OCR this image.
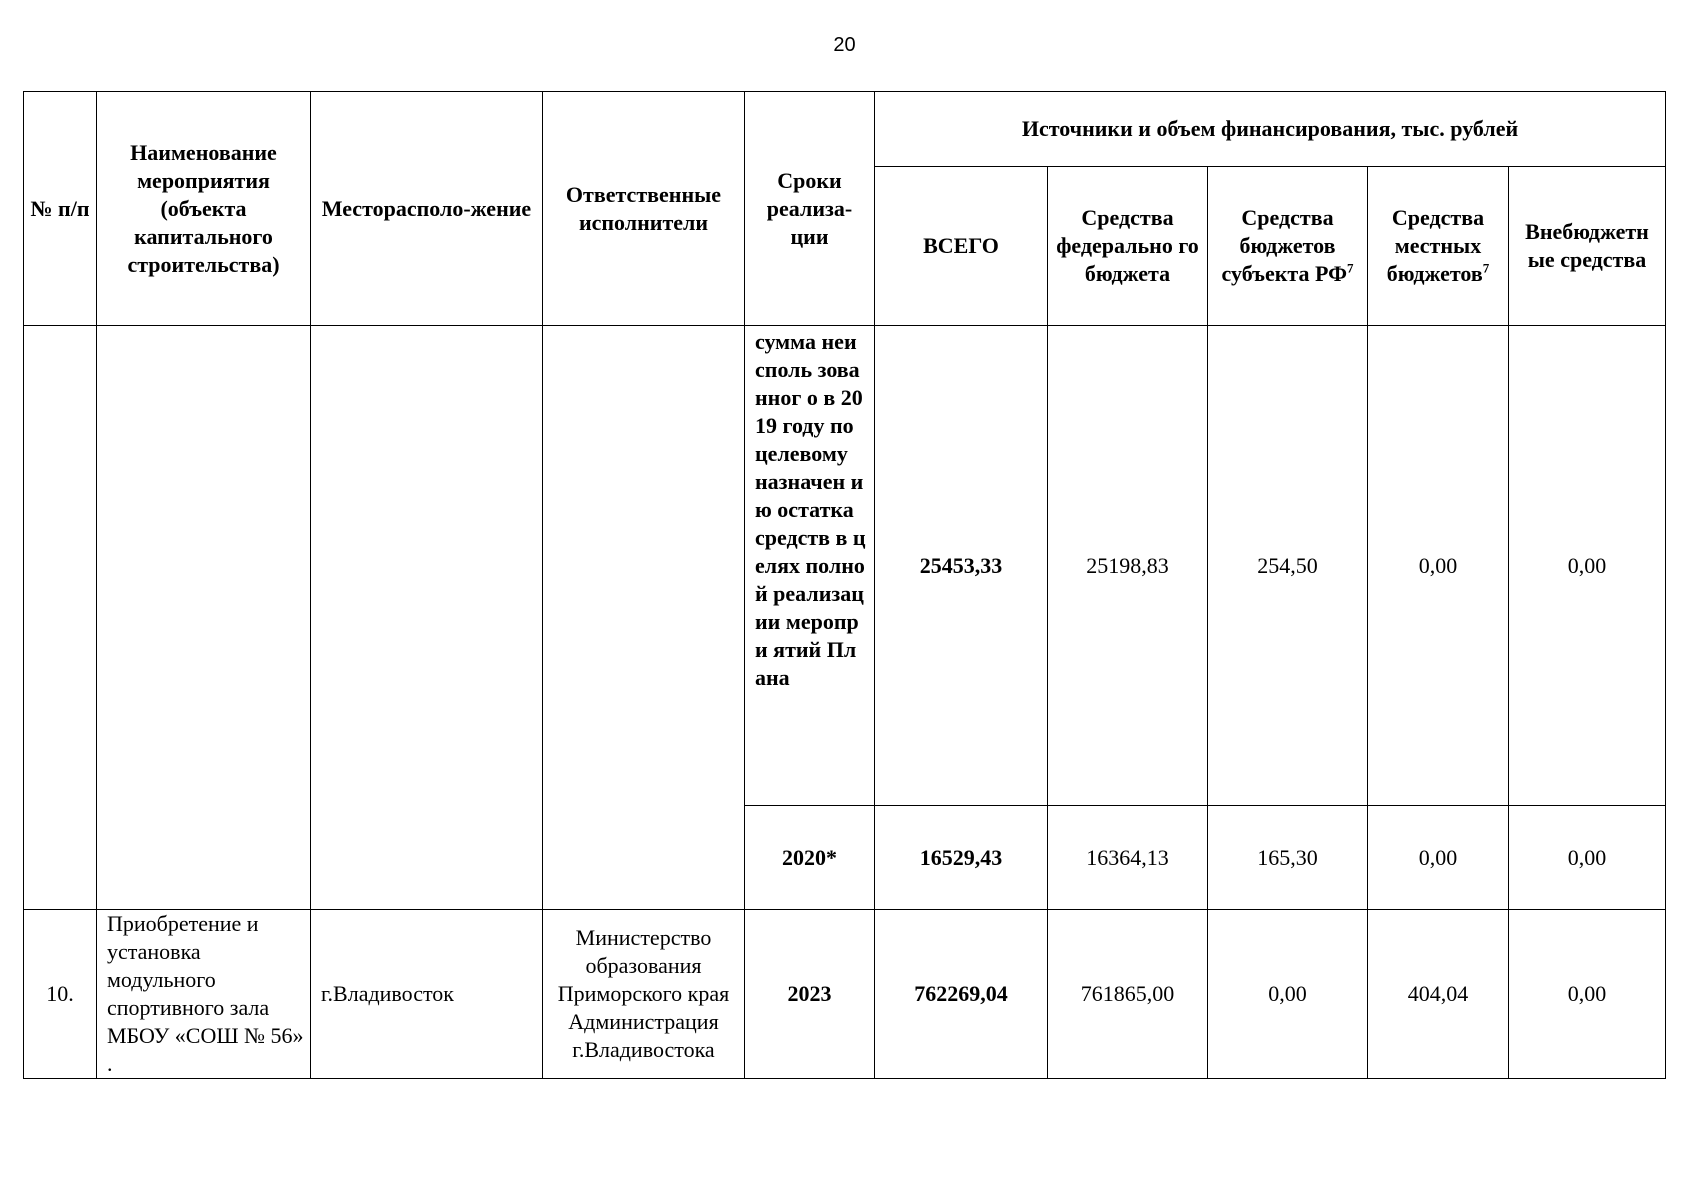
20
№ п/п	Наименование мероприятия (объекта капитального строительства)	Месторасполо-жение	Ответственные исполнители	Сроки реализа-ции	Источники и объем финансирования, тыс. рублей				
					ВСЕГО	Средства федерально го бюджета	Средства бюджетов субъекта $РФ^7$	Средства местных бюджетов$^7$	Внебюджетн ые средства
				сумма неисполь зованног о в 2019 году по целевому назначен ию остатка средств в целях полной реализац ии меропри ятий Плана	25453,33	25198,83	254,50	0,00	0,00
				2020*	16529,43	16364,13	165,30	0,00	0,00
10.	Приобретение и установка модульного спортивного зала МБОУ «СОШ № 56» .	г.Владивосток	Министерство образования Приморского края Администрация г.Владивостока	2023	762269,04	761865,00	0,00	404,04	0,00
